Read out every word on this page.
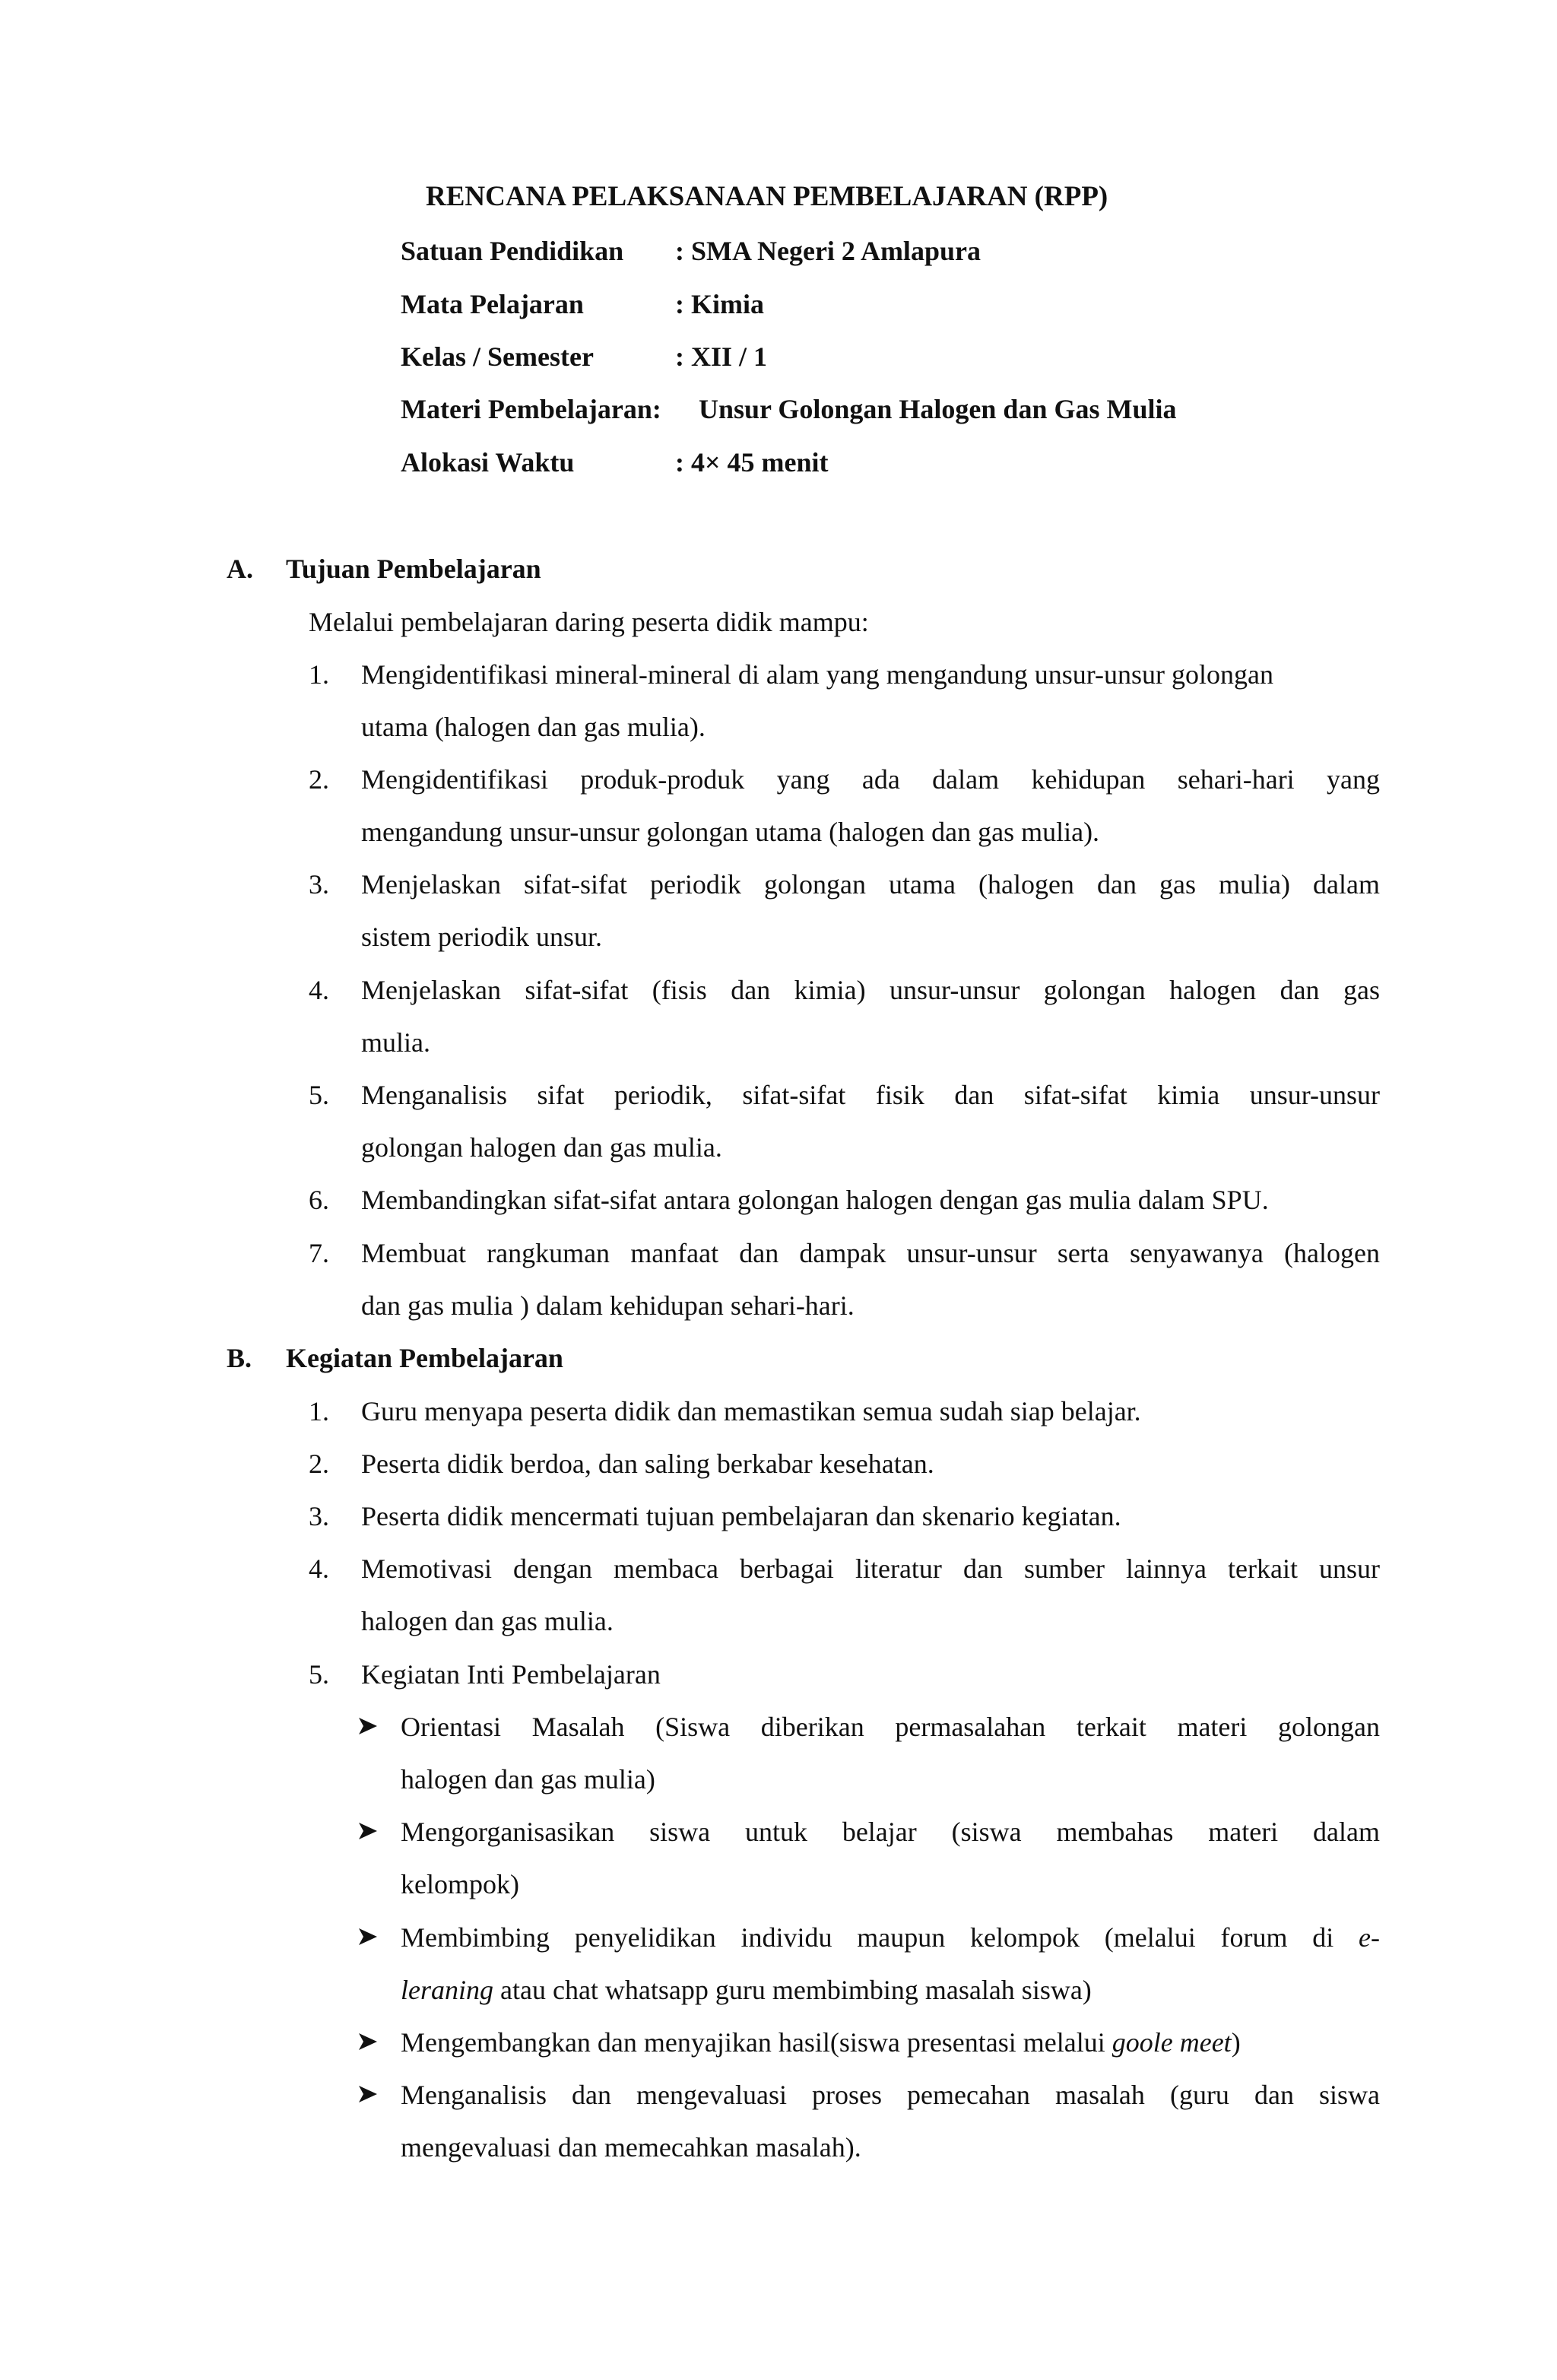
RENCANA PELAKSANAAN PEMBELAJARAN (RPP)
Satuan Pendidikan : SMA Negeri 2 Amlapura
Mata Pelajaran	: Kimia
Kelas / Semester	: XII / 1
Materi Pembelajaran: Unsur Golongan Halogen dan Gas Mulia
Alokasi Waktu	: 4× 45 menit
A. Tujuan Pembelajaran
Melalui pembelajaran daring peserta didik mampu:
1.	Mengidentifikasi mineral-mineral di alam yang mengandung unsur-unsur golongan
utama (halogen dan gas mulia).
2.	Mengidentifikasi produk-produk yang ada dalam kehidupan sehari-hari yang
mengandung unsur-unsur golongan utama (halogen dan gas mulia).
3.	Menjelaskan sifat-sifat periodik golongan utama (halogen dan gas mulia) dalam
sistem periodik unsur.
4.	Menjelaskan sifat-sifat (fisis dan kimia) unsur-unsur golongan halogen dan gas
mulia.
5.	Menganalisis sifat periodik, sifat-sifat fisik dan sifat-sifat kimia unsur-unsur
golongan halogen dan gas mulia.
6.	Membandingkan sifat-sifat antara golongan halogen dengan gas mulia dalam SPU.
7.	Membuat rangkuman manfaat dan dampak unsur-unsur serta senyawanya (halogen
dan gas mulia ) dalam kehidupan sehari-hari.
B. Kegiatan Pembelajaran
1.	Guru menyapa peserta didik dan memastikan semua sudah siap belajar.
2.	Peserta didik berdoa, dan saling berkabar kesehatan.
3.	Peserta didik mencermati tujuan pembelajaran dan skenario kegiatan.
4.	Memotivasi dengan membaca berbagai literatur dan sumber lainnya terkait unsur
halogen dan gas mulia.
5.	Kegiatan Inti Pembelajaran
Orientasi Masalah (Siswa diberikan permasalahan terkait materi golongan
halogen dan gas mulia)
Mengorganisasikan siswa untuk belajar (siswa membahas materi dalam
kelompok)
Membimbing penyelidikan individu maupun kelompok (melalui forum di e-
leraning atau chat whatsapp guru membimbing masalah siswa)
Mengembangkan dan menyajikan hasil(siswa presentasi melalui goole meet)
Menganalisis dan mengevaluasi proses pemecahan masalah (guru dan siswa
mengevaluasi dan memecahkan masalah).
